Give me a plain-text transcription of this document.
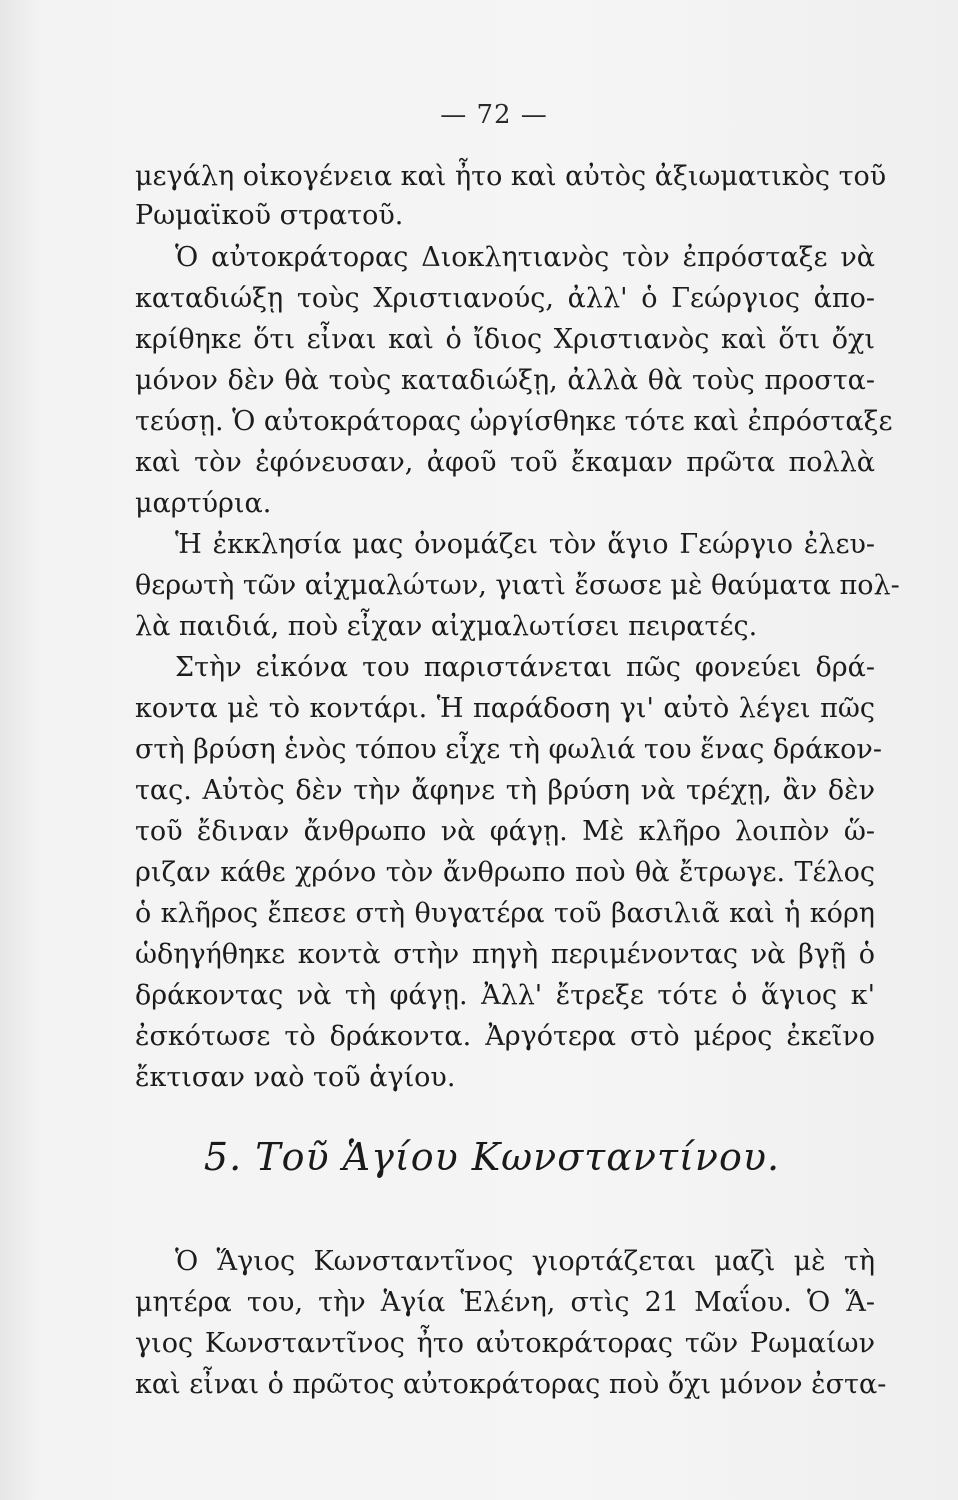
— 72 —
μεγάλη οἰκογένεια καὶ ἦτο καὶ αὐτὸς ἀξιωματικὸς τοῦ
Ρωμαϊκοῦ στρατοῦ.
Ὁ αὐτοκράτορας Διοκλητιανὸς τὸν ἐπρόσταξε νὰ
καταδιώξῃ τοὺς Χριστιανούς, ἀλλ' ὁ Γεώργιος ἀπο-
κρίθηκε ὅτι εἶναι καὶ ὁ ἴδιος Χριστιανὸς καὶ ὅτι ὄχι
μόνον δὲν θὰ τοὺς καταδιώξῃ, ἀλλὰ θὰ τοὺς προστα-
τεύσῃ. Ὁ αὐτοκράτορας ὠργίσθηκε τότε καὶ ἐπρόσταξε
καὶ τὸν ἐφόνευσαν, ἀφοῦ τοῦ ἔκαμαν πρῶτα πολλὰ
μαρτύρια.
Ἡ ἐκκλησία μας ὀνομάζει τὸν ἅγιο Γεώργιο ἐλευ-
θερωτὴ τῶν αἰχμαλώτων, γιατὶ ἔσωσε μὲ θαύματα πολ-
λὰ παιδιά, ποὺ εἶχαν αἰχμαλωτίσει πειρατές.
Στὴν εἰκόνα του παριστάνεται πῶς φονεύει δρά-
κοντα μὲ τὸ κοντάρι. Ἡ παράδοση γι' αὐτὸ λέγει πῶς
στὴ βρύση ἑνὸς τόπου εἶχε τὴ φωλιά του ἕνας δράκον-
τας. Αὐτὸς δὲν τὴν ἄφηνε τὴ βρύση νὰ τρέχῃ, ἂν δὲν
τοῦ ἔδιναν ἄνθρωπο νὰ φάγῃ. Μὲ κλῆρο λοιπὸν ὥ-
ριζαν κάθε χρόνο τὸν ἄνθρωπο ποὺ θὰ ἔτρωγε. Τέλος
ὁ κλῆρος ἔπεσε στὴ θυγατέρα τοῦ βασιλιᾶ καὶ ἡ κόρη
ὡδηγήθηκε κοντὰ στὴν πηγὴ περιμένοντας νὰ βγῇ ὁ
δράκοντας νὰ τὴ φάγῃ. Ἀλλ' ἔτρεξε τότε ὁ ἅγιος κ'
ἐσκότωσε τὸ δράκοντα. Ἀργότερα στὸ μέρος ἐκεῖνο
ἔκτισαν ναὸ τοῦ ἁγίου.
5. Τοῦ Ἁγίου Κωνσταντίνου.
Ὁ Ἅγιος Κωνσταντῖνος γιορτάζεται μαζὶ μὲ τὴ
μητέρα του, τὴν Ἁγία Ἑλένη, στὶς 21 Μαΐου. Ὁ Ἅ-
γιος Κωνσταντῖνος ἦτο αὐτοκράτορας τῶν Ρωμαίων
καὶ εἶναι ὁ πρῶτος αὐτοκράτορας ποὺ ὄχι μόνον ἐστα-
